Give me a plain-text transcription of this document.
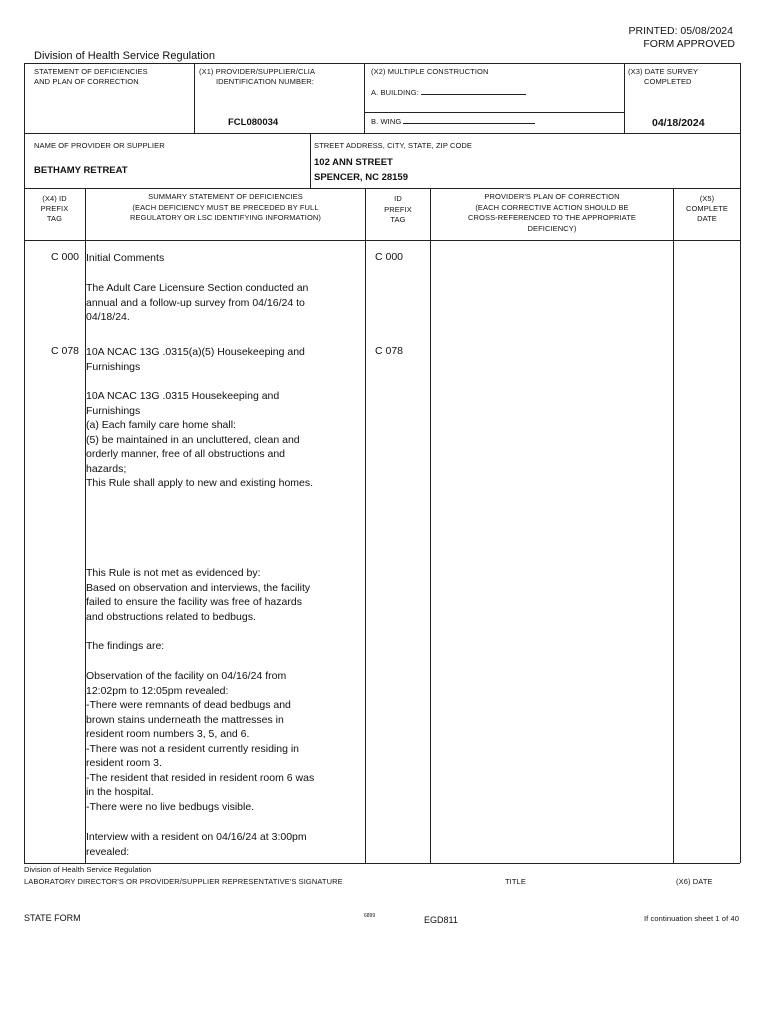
PRINTED: 05/08/2024
FORM APPROVED
Division of Health Service Regulation
STATEMENT OF DEFICIENCIES
AND PLAN OF CORRECTION
(X1) PROVIDER/SUPPLIER/CLIA
IDENTIFICATION NUMBER:
FCL080034
(X2) MULTIPLE CONSTRUCTION
A. BUILDING:
B. WING
(X3) DATE SURVEY
COMPLETED
04/18/2024
NAME OF PROVIDER OR SUPPLIER
BETHAMY RETREAT
STREET ADDRESS, CITY, STATE, ZIP CODE
102 ANN STREET
SPENCER, NC 28159
(X4) ID
PREFIX
TAG
SUMMARY STATEMENT OF DEFICIENCIES
(EACH DEFICIENCY MUST BE PRECEDED BY FULL
REGULATORY OR LSC IDENTIFYING INFORMATION)
ID
PREFIX
TAG
PROVIDER'S PLAN OF CORRECTION
(EACH CORRECTIVE ACTION SHOULD BE
CROSS-REFERENCED TO THE APPROPRIATE
DEFICIENCY)
(X5)
COMPLETE
DATE
C 000	C 000
Initial Comments

The Adult Care Licensure Section conducted an

annual and a follow-up survey from 04/16/24 to

04/18/24.

C 078	C 078

10A NCAC 13G .0315(a)(5) Housekeeping and

Furnishings

10A NCAC 13G .0315 Housekeeping and

Furnishings

(a) Each family care home shall:

(5) be maintained in an uncluttered, clean and

orderly manner, free of all obstructions and

hazards;

This Rule shall apply to new and existing homes.

This Rule is not met as evidenced by:

Based on observation and interviews, the facility

failed to ensure the facility was free of hazards

and obstructions related to bedbugs.

The findings are:

Observation of the facility on 04/16/24 from

12:02pm to 12:05pm revealed:

-There were remnants of dead bedbugs and

brown stains underneath the mattresses in

resident room numbers 3, 5, and 6.

-There was not a resident currently residing in

resident room 3.

-The resident that resided in resident room 6 was

in the hospital.

-There were no live bedbugs visible.

Interview with a resident on 04/16/24 at 3:00pm

revealed:

Division of Health Service Regulation
LABORATORY DIRECTOR'S OR PROVIDER/SUPPLIER REPRESENTATIVE'S SIGNATURE	TITLE	(X6) DATE
STATE FORM	6899	EGD811	If continuation sheet 1 of 40
